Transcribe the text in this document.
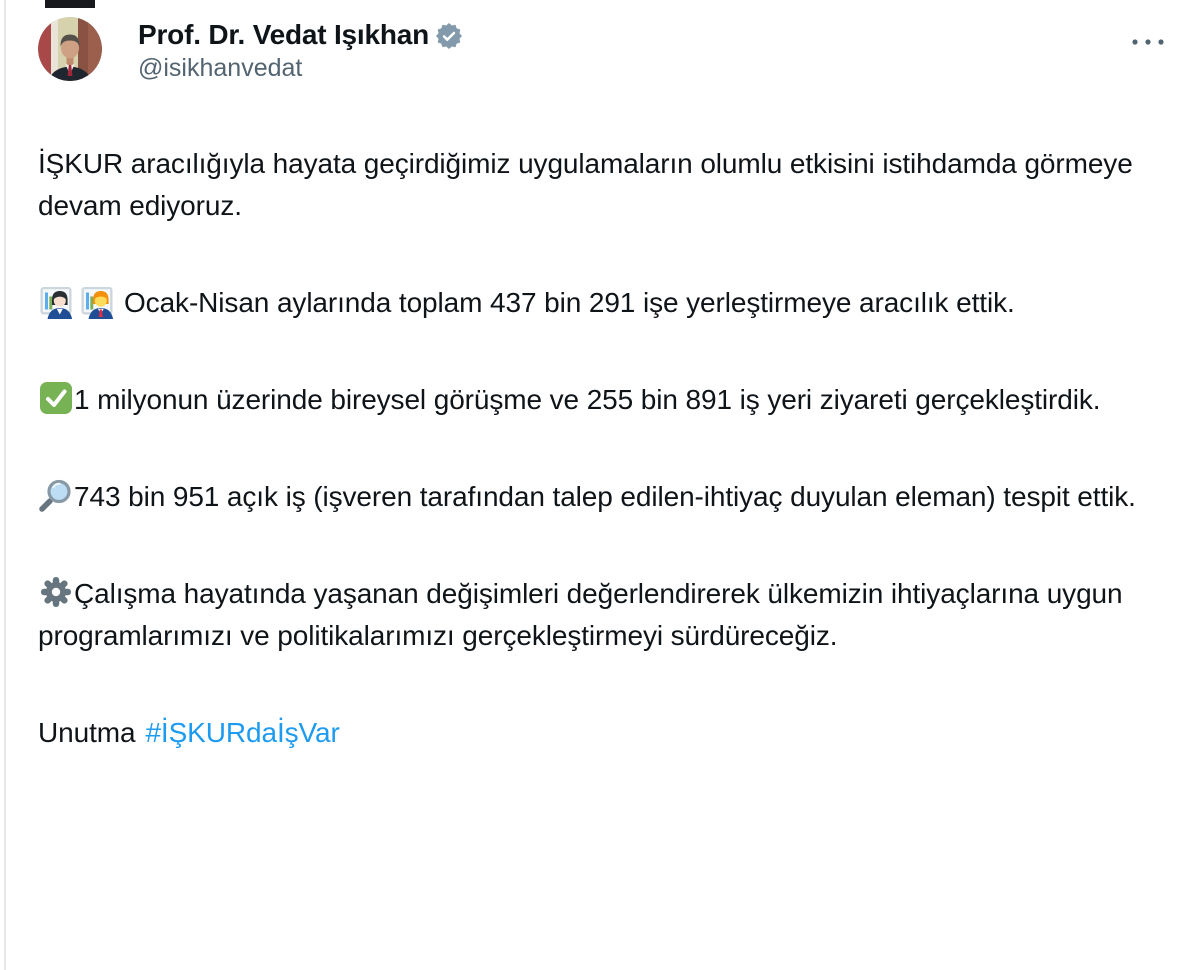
Prof. Dr. Vedat Işıkhan
@isikhanvedat

İŞKUR aracılığıyla hayata geçirdiğimiz uygulamaların olumlu etkisini istihdamda görmeye devam ediyoruz.

Ocak-Nisan aylarında toplam 437 bin 291 işe yerleştirmeye aracılık ettik.

1 milyonun üzerinde bireysel görüşme ve 255 bin 891 iş yeri ziyareti gerçekleştirdik.

743 bin 951 açık iş (işveren tarafından talep edilen-ihtiyaç duyulan eleman) tespit ettik.

Çalışma hayatında yaşanan değişimleri değerlendirerek ülkemizin ihtiyaçlarına uygun programlarımızı ve politikalarımızı gerçekleştirmeyi sürdüreceğiz.

Unutma #İŞKURdaİşVar
